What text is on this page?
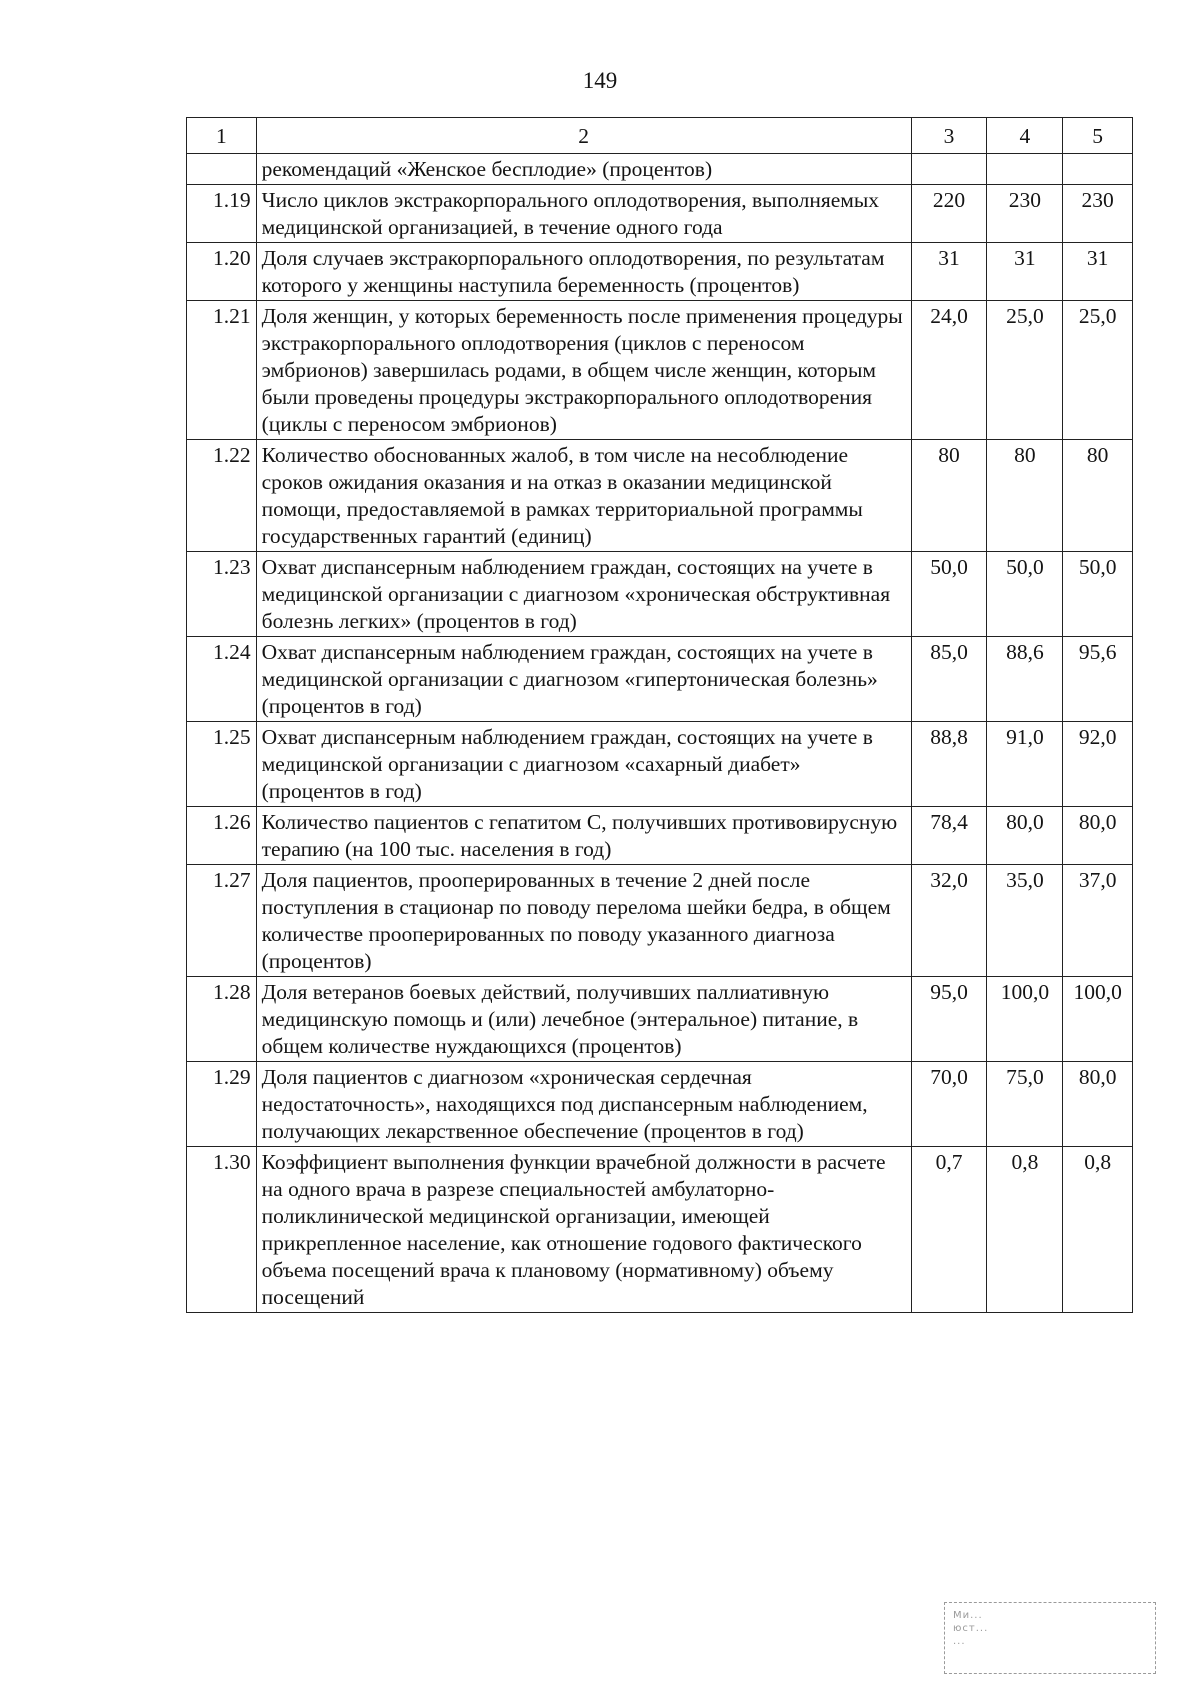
149
1	2	3	4	5
	рекомендаций «Женское бесплодие» (процентов)			
1.19	Число циклов экстракорпорального оплодотворения, выполняемых медицинской организацией, в течение одного года	220	230	230
1.20	Доля случаев экстракорпорального оплодотворения, по результатам которого у женщины наступила беременность (процентов)	31	31	31
1.21	Доля женщин, у которых беременность после применения процедуры экстракорпорального оплодотворения (циклов с переносом эмбрионов) завершилась родами, в общем числе женщин, которым были проведены процедуры экстракорпорального оплодотворения (циклы с переносом эмбрионов)	24,0	25,0	25,0
1.22	Количество обоснованных жалоб, в том числе на несоблюдение сроков ожидания оказания и на отказ в оказании медицинской помощи, предоставляемой в рамках территориальной программы государственных гарантий (единиц)	80	80	80
1.23	Охват диспансерным наблюдением граждан, состоящих на учете в медицинской организации с диагнозом «хроническая обструктивная болезнь легких» (процентов в год)	50,0	50,0	50,0
1.24	Охват диспансерным наблюдением граждан, состоящих на учете в медицинской организации с диагнозом «гипертоническая болезнь» (процентов в год)	85,0	88,6	95,6
1.25	Охват диспансерным наблюдением граждан, состоящих на учете в медицинской организации с диагнозом «сахарный диабет» (процентов в год)	88,8	91,0	92,0
1.26	Количество пациентов с гепатитом С, получивших противовирусную терапию (на 100 тыс. населения в год)	78,4	80,0	80,0
1.27	Доля пациентов, прооперированных в течение 2 дней после поступления в стационар по поводу перелома шейки бедра, в общем количестве прооперированных по поводу указанного диагноза (процентов)	32,0	35,0	37,0
1.28	Доля ветеранов боевых действий, получивших паллиативную медицинскую помощь и (или) лечебное (энтеральное) питание, в общем количестве нуждающихся (процентов)	95,0	100,0	100,0
1.29	Доля пациентов с диагнозом «хроническая сердечная недостаточность», находящихся под диспансерным наблюдением, получающих лекарственное обеспечение (процентов в год)	70,0	75,0	80,0
1.30	Коэффициент выполнения функции врачебной должности в расчете на одного врача в разрезе специальностей амбулаторно-поликлинической медицинской организации, имеющей прикрепленное население, как отношение годового фактического объема посещений врача к плановому (нормативному) объему посещений	0,7	0,8	0,8
Ми...
юст...
...
